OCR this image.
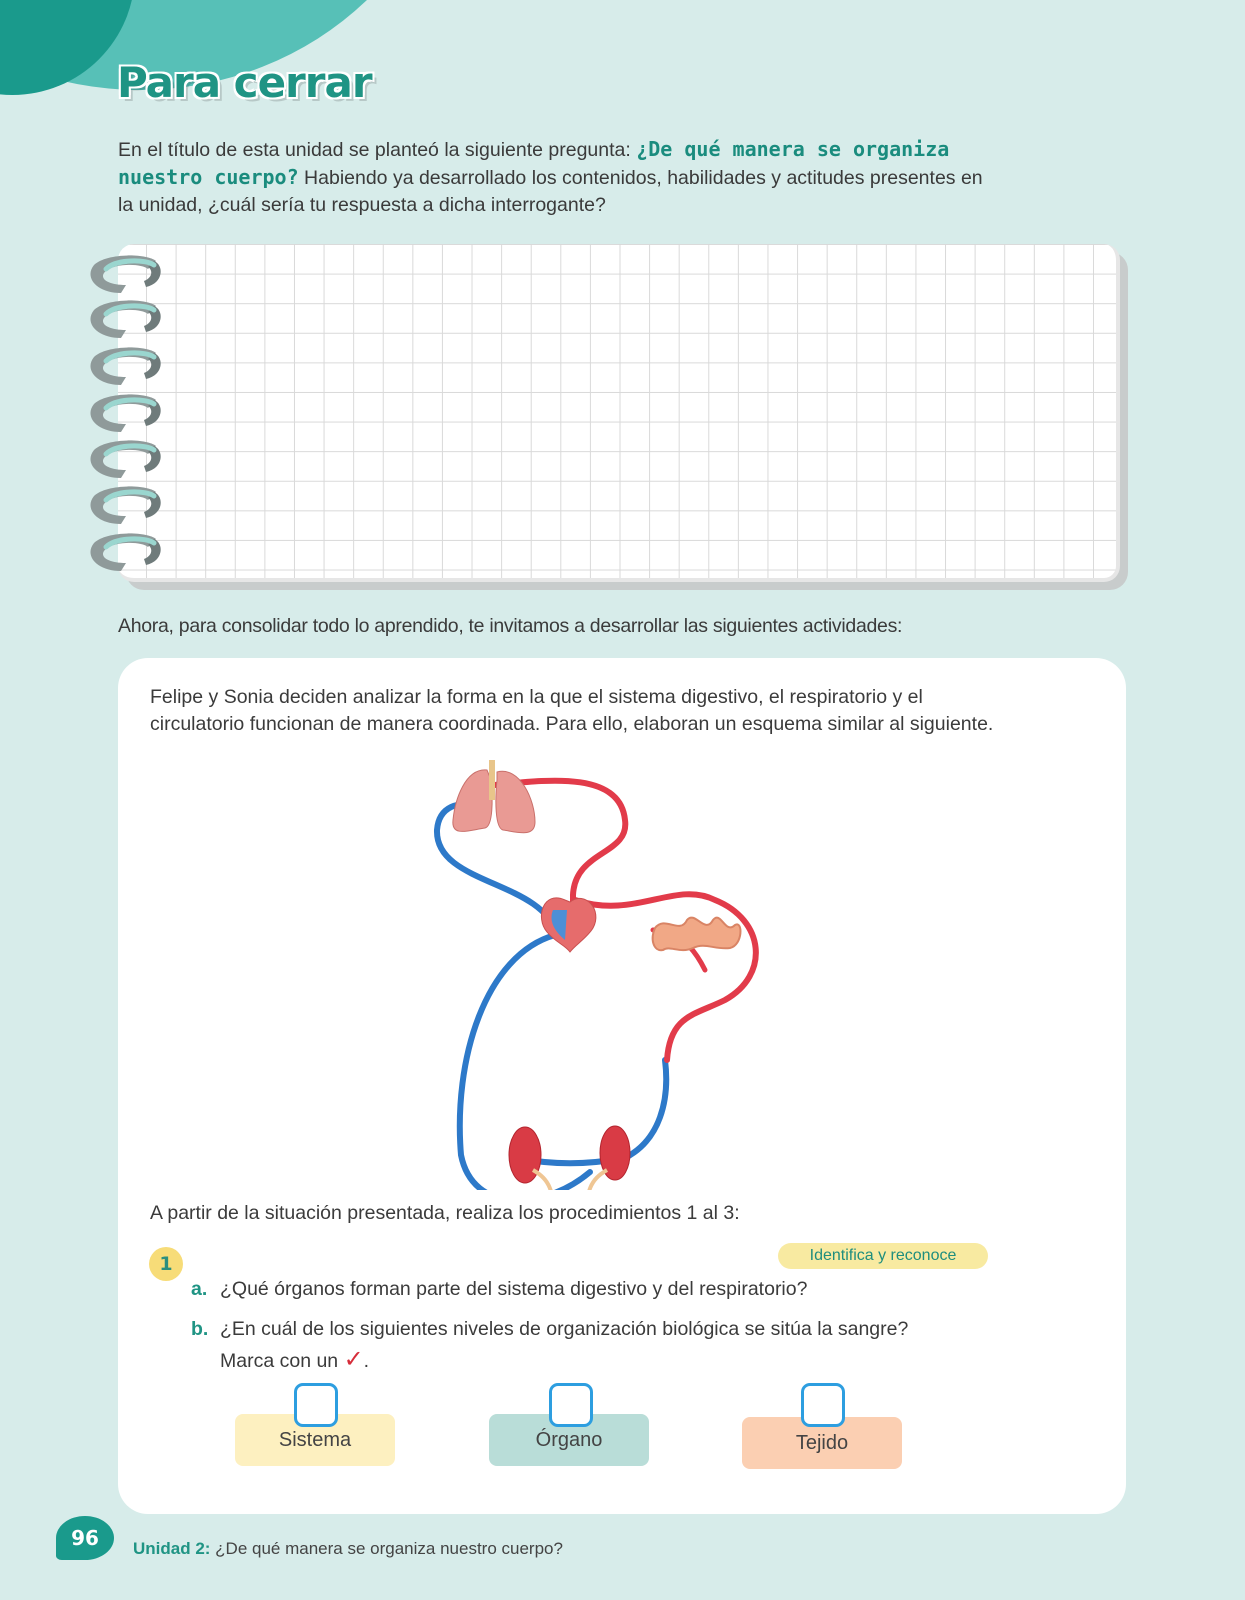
Para cerrar
En el título de esta unidad se planteó la siguiente pregunta: ¿De qué manera se organiza nuestro cuerpo? Habiendo ya desarrollado los contenidos, habilidades y actitudes presentes en la unidad, ¿cuál sería tu respuesta a dicha interrogante?
Ahora, para consolidar todo lo aprendido, te invitamos a desarrollar las siguientes actividades:
Felipe y Sonia deciden analizar la forma en la que el sistema digestivo, el respiratorio y el circulatorio funcionan de manera coordinada. Para ello, elaboran un esquema similar al siguiente.
A partir de la situación presentada, realiza los procedimientos 1 al 3:
1	Identifica y reconoce
a. ¿Qué órganos forman parte del sistema digestivo y del respiratorio?
b. ¿En cuál de los siguientes niveles de organización biológica se sitúa la sangre?
Marca con un ✓.
Sistema	Órgano	Tejido
96	Unidad 2: ¿De qué manera se organiza nuestro cuerpo?
